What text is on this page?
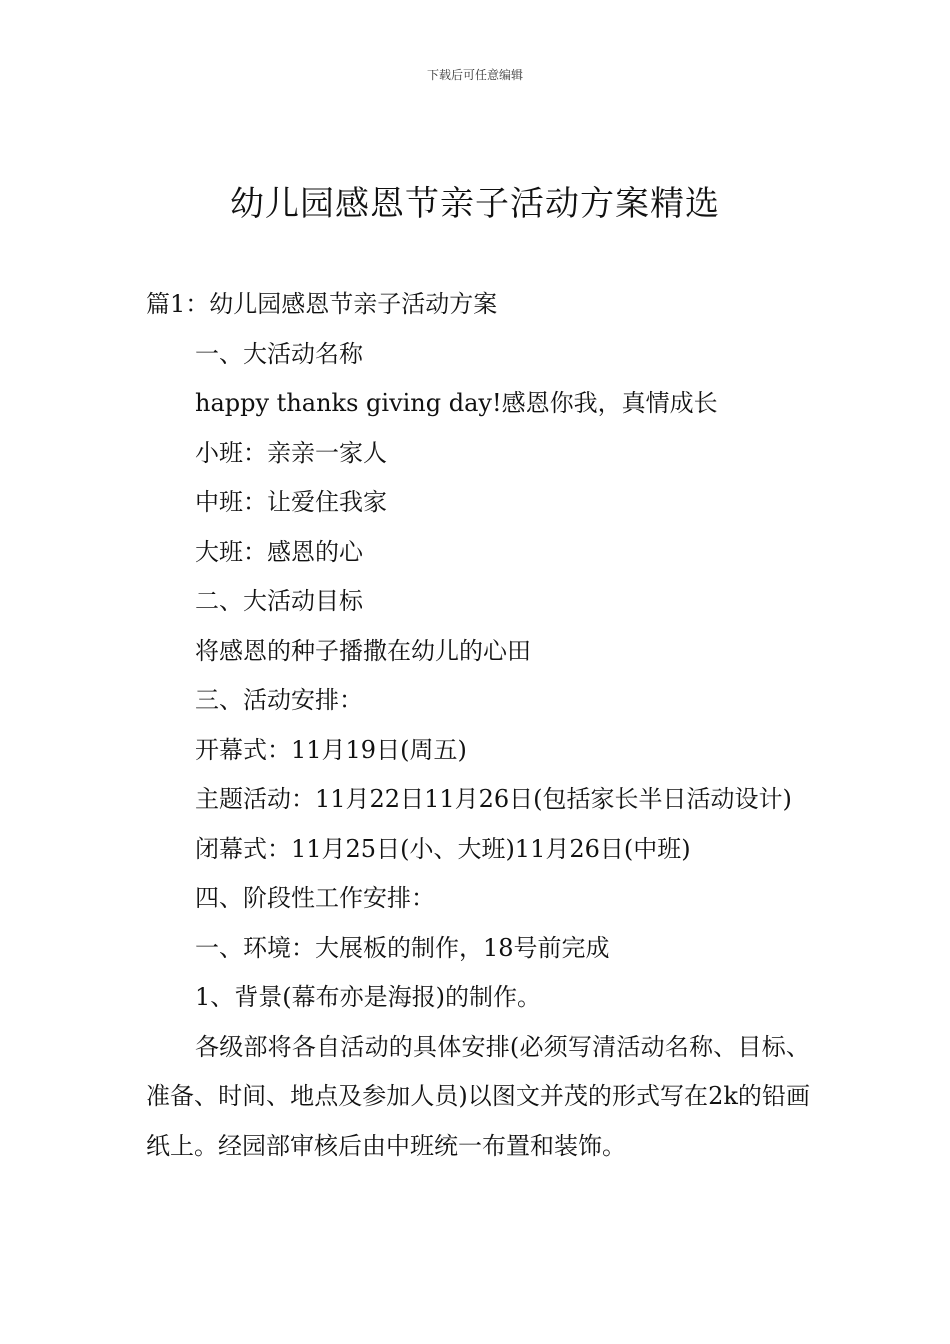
下载后可任意编辑
幼儿园感恩节亲子活动方案精选

篇1：幼儿园感恩节亲子活动方案

一、大活动名称

happy thanks giving day!感恩你我，真情成长

小班：亲亲一家人

中班：让爱住我家

大班：感恩的心

二、大活动目标

将感恩的种子播撒在幼儿的心田

三、活动安排：

开幕式：11月19日(周五)

主题活动：11月22日11月26日(包括家长半日活动设计)

闭幕式：11月25日(小、大班)11月26日(中班)

四、阶段性工作安排：

一、环境：大展板的制作，18号前完成

1、背景(幕布亦是海报)的制作。

各级部将各自活动的具体安排(必须写清活动名称、目标、准备、时间、地点及参加人员)以图文并茂的形式写在2k的铅画纸上。经园部审核后由中班统一布置和装饰。
